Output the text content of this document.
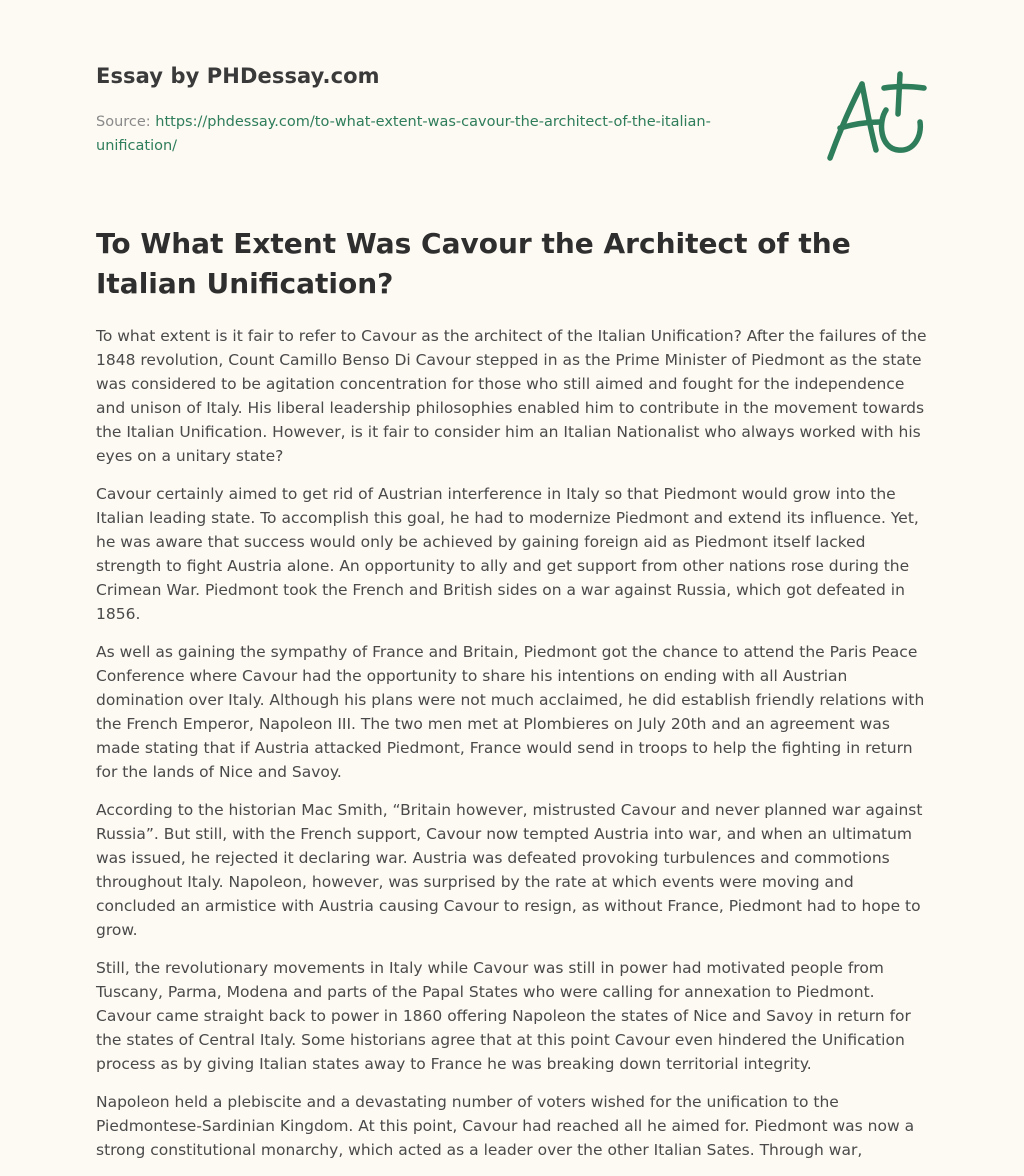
Essay by PHDessay.com

Source: https://phdessay.com/to-what-extent-was-cavour-the-architect-of-the-italian-unification/

To What Extent Was Cavour the Architect of the Italian Unification?

To what extent is it fair to refer to Cavour as the architect of the Italian Unification? After the failures of the 1848 revolution, Count Camillo Benso Di Cavour stepped in as the Prime Minister of Piedmont as the state was considered to be agitation concentration for those who still aimed and fought for the independence and unison of Italy. His liberal leadership philosophies enabled him to contribute in the movement towards the Italian Unification. However, is it fair to consider him an Italian Nationalist who always worked with his eyes on a unitary state?

Cavour certainly aimed to get rid of Austrian interference in Italy so that Piedmont would grow into the Italian leading state. To accomplish this goal, he had to modernize Piedmont and extend its influence. Yet, he was aware that success would only be achieved by gaining foreign aid as Piedmont itself lacked strength to fight Austria alone. An opportunity to ally and get support from other nations rose during the Crimean War. Piedmont took the French and British sides on a war against Russia, which got defeated in 1856.

As well as gaining the sympathy of France and Britain, Piedmont got the chance to attend the Paris Peace Conference where Cavour had the opportunity to share his intentions on ending with all Austrian domination over Italy. Although his plans were not much acclaimed, he did establish friendly relations with the French Emperor, Napoleon III. The two men met at Plombieres on July 20th and an agreement was made stating that if Austria attacked Piedmont, France would send in troops to help the fighting in return for the lands of Nice and Savoy.

According to the historian Mac Smith, “Britain however, mistrusted Cavour and never planned war against Russia”. But still, with the French support, Cavour now tempted Austria into war, and when an ultimatum was issued, he rejected it declaring war. Austria was defeated provoking turbulences and commotions throughout Italy. Napoleon, however, was surprised by the rate at which events were moving and concluded an armistice with Austria causing Cavour to resign, as without France, Piedmont had to hope to grow.

Still, the revolutionary movements in Italy while Cavour was still in power had motivated people from Tuscany, Parma, Modena and parts of the Papal States who were calling for annexation to Piedmont. Cavour came straight back to power in 1860 offering Napoleon the states of Nice and Savoy in return for the states of Central Italy. Some historians agree that at this point Cavour even hindered the Unification process as by giving Italian states away to France he was breaking down territorial integrity.

Napoleon held a plebiscite and a devastating number of voters wished for the unification to the Piedmontese-Sardinian Kingdom. At this point, Cavour had reached all he aimed for. Piedmont was now a strong constitutional monarchy, which acted as a leader over the other Italian Sates. Through war,
